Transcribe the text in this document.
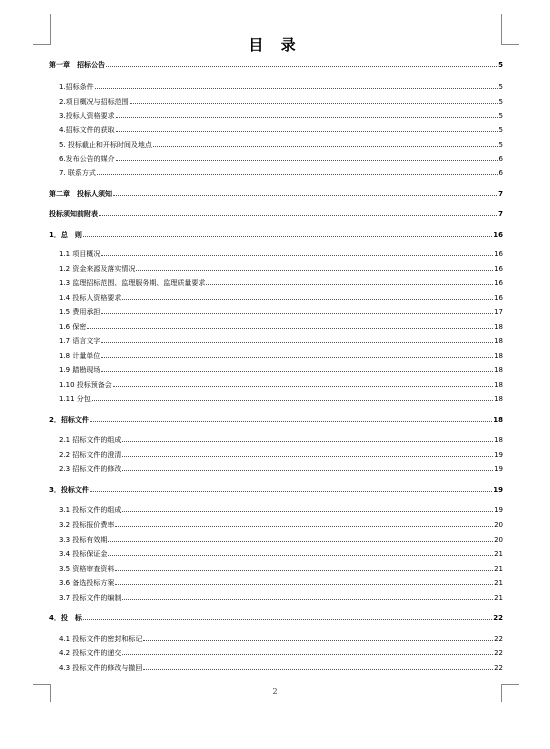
目 录
第一章　招标公告	5
1.招标条件	5
2.项目概况与招标范围	5
3.投标人资格要求	5
4.招标文件的获取	5
5. 投标截止和开标时间及地点	5
6.发布公告的媒介	6
7. 联系方式	6
第二章　投标人须知	7
投标须知前附表	7
1．总　则	16
1.1 项目概况	16
1.2 资金来源及落实情况	16
1.3 监理招标范围、监理服务期、监理质量要求	16
1.4 投标人资格要求	16
1.5 费用承担	17
1.6 保密	18
1.7 语言文字	18
1.8 计量单位	18
1.9 踏勘现场	18
1.10 投标预备会	18
1.11 分包	18
2．招标文件	18
2.1 招标文件的组成	18
2.2 招标文件的澄清	19
2.3 招标文件的修改	19
3．投标文件	19
3.1 投标文件的组成	19
3.2 投标报价费率	20
3.3 投标有效期	20
3.4 投标保证金	21
3.5 资格审查资料	21
3.6 备选投标方案	21
3.7 投标文件的编制	21
4．投　标	22
4.1 投标文件的密封和标记	22
4.2 投标文件的递交	22
4.3 投标文件的修改与撤回	22
2
